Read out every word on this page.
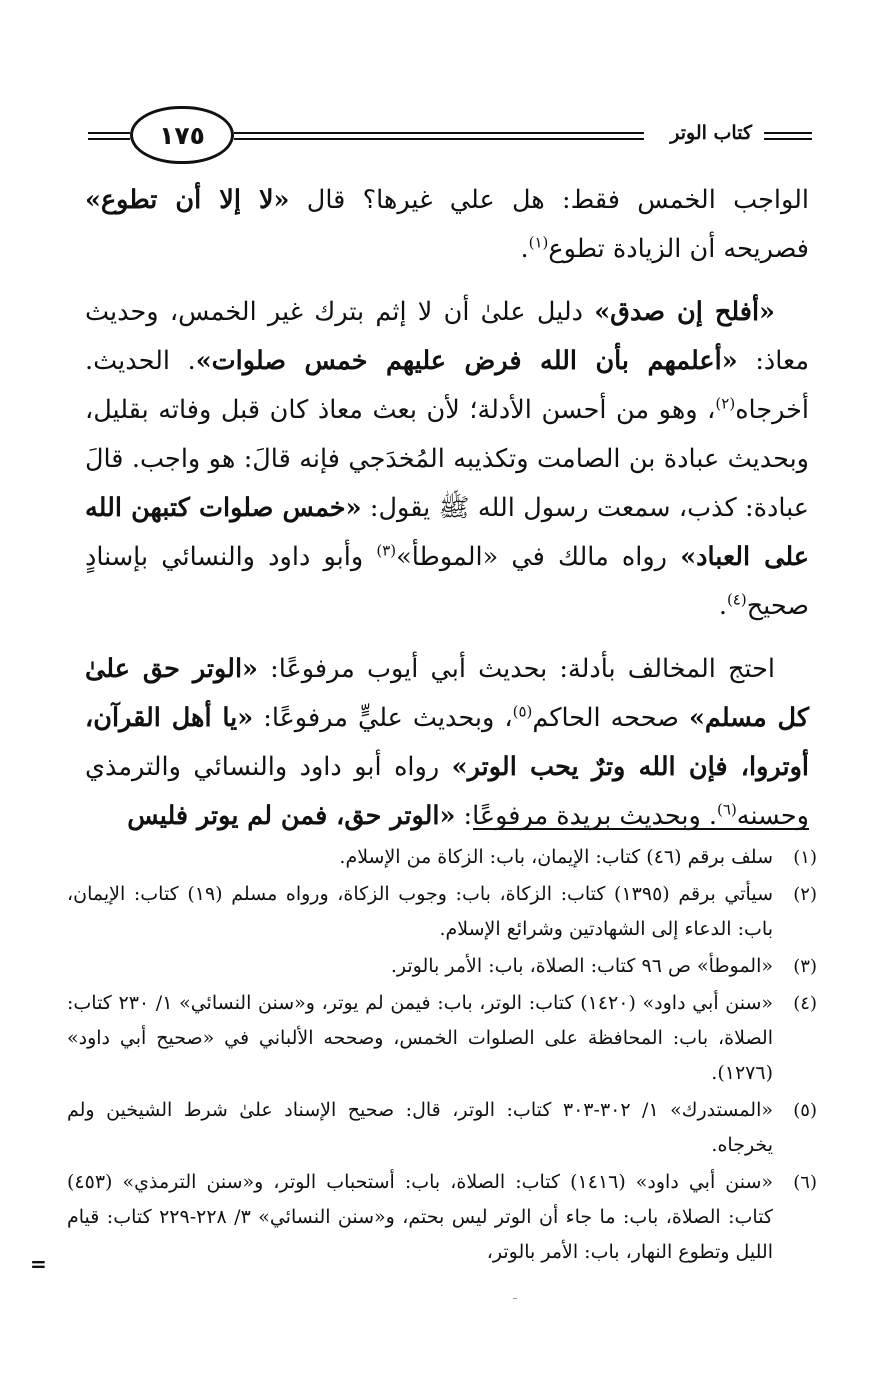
كتاب الوتر
١٧٥

الواجب الخمس فقط: هل علي غيرها؟ قال «لا إلا أن تطوع» فصريحه أن الزيادة تطوع$^{(١)}$.

«أفلح إن صدق» دليل علىٰ أن لا إثم بترك غير الخمس، وحديث معاذ: «أعلمهم بأن الله فرض عليهم خمس صلوات». الحديث. أخرجاه$^{(٢)}$، وهو من أحسن الأدلة؛ لأن بعث معاذ كان قبل وفاته بقليل، وبحديث عبادة بن الصامت وتكذيبه المُخدَجي فإنه قالَ: هو واجب. قالَ عبادة: كذب، سمعت رسول الله ﷺ يقول: «خمس صلوات كتبهن الله على العباد» رواه مالك في «الموطأ»$^{(٣)}$ وأبو داود والنسائي بإسنادٍ صحيح$^{(٤)}$.

احتج المخالف بأدلة: بحديث أبي أيوب مرفوعًا: «الوتر حق علىٰ كل مسلم» صححه الحاكم$^{(٥)}$، وبحديث عليٍّ مرفوعًا: «يا أهل القرآن، أوتروا، فإن الله وترٌ يحب الوتر» رواه أبو داود والنسائي والترمذي وحسنه$^{(٦)}$. وبحديث بريدة مرفوعًا: «الوتر حق، فمن لم يوتر فليس

(١)
سلف برقم (٤٦) كتاب: الإيمان، باب: الزكاة من الإسلام.
(٢)
سيأتي برقم (١٣٩٥) كتاب: الزكاة، باب: وجوب الزكاة، ورواه مسلم (١٩) كتاب: الإيمان، باب: الدعاء إلى الشهادتين وشرائع الإسلام.
(٣)
«الموطأ» ص ٩٦ كتاب: الصلاة، باب: الأمر بالوتر.
(٤)
«سنن أبي داود» (١٤٢٠) كتاب: الوتر، باب: فيمن لم يوتر، و«سنن النسائي» ١/ ٢٣٠ كتاب: الصلاة، باب: المحافظة على الصلوات الخمس، وصححه الألباني في «صحيح أبي داود» (١٢٧٦).
(٥)
«المستدرك» ١/ ٣٠٢-٣٠٣ كتاب: الوتر، قال: صحيح الإسناد علىٰ شرط الشيخين ولم يخرجاه.
(٦)
«سنن أبي داود» (١٤١٦) كتاب: الصلاة، باب: أستحباب الوتر، و«سنن الترمذي» (٤٥٣) كتاب: الصلاة، باب: ما جاء أن الوتر ليس بحتم، و«سنن النسائي» ٣/ ٢٢٨-٢٢٩ كتاب: قيام الليل وتطوع النهار، باب: الأمر بالوتر،
=
